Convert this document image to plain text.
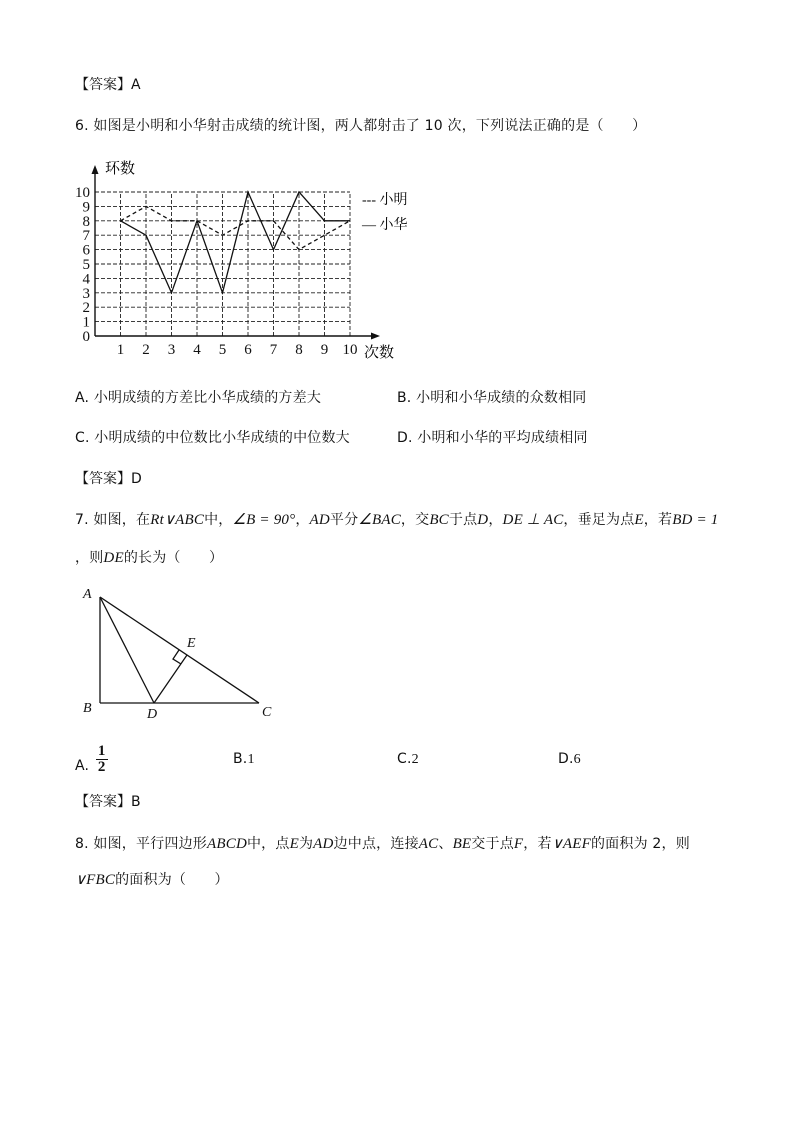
【答案】A
6. 如图是小明和小华射击成绩的统计图，两人都射击了 10 次，下列说法正确的是（　　）
0
1
2
3
4
5
6
7
8
9
10
1 2 3 4 5 6 7 8 9 10
环数
次数
--- 小明
— 小华
A. 小明成绩的方差比小华成绩的方差大	B. 小明和小华成绩的众数相同
C. 小明成绩的中位数比小华成绩的中位数大	D. 小明和小华的平均成绩相同
【答案】D
7. 如图，在Rt∨ABC中，∠B = 90°，AD平分∠BAC，交BC于点D，DE ⊥ AC，垂足为点E，若BD = 1
，则DE的长为（　　）
A
B	D	C
E
A. $\frac{1}{2}$	B.1	C.2	D.6
【答案】B
8. 如图，平行四边形ABCD中，点E为AD边中点，连接AC、BE交于点F，若∨AEF的面积为 2，则
∨FBC的面积为（　　）
